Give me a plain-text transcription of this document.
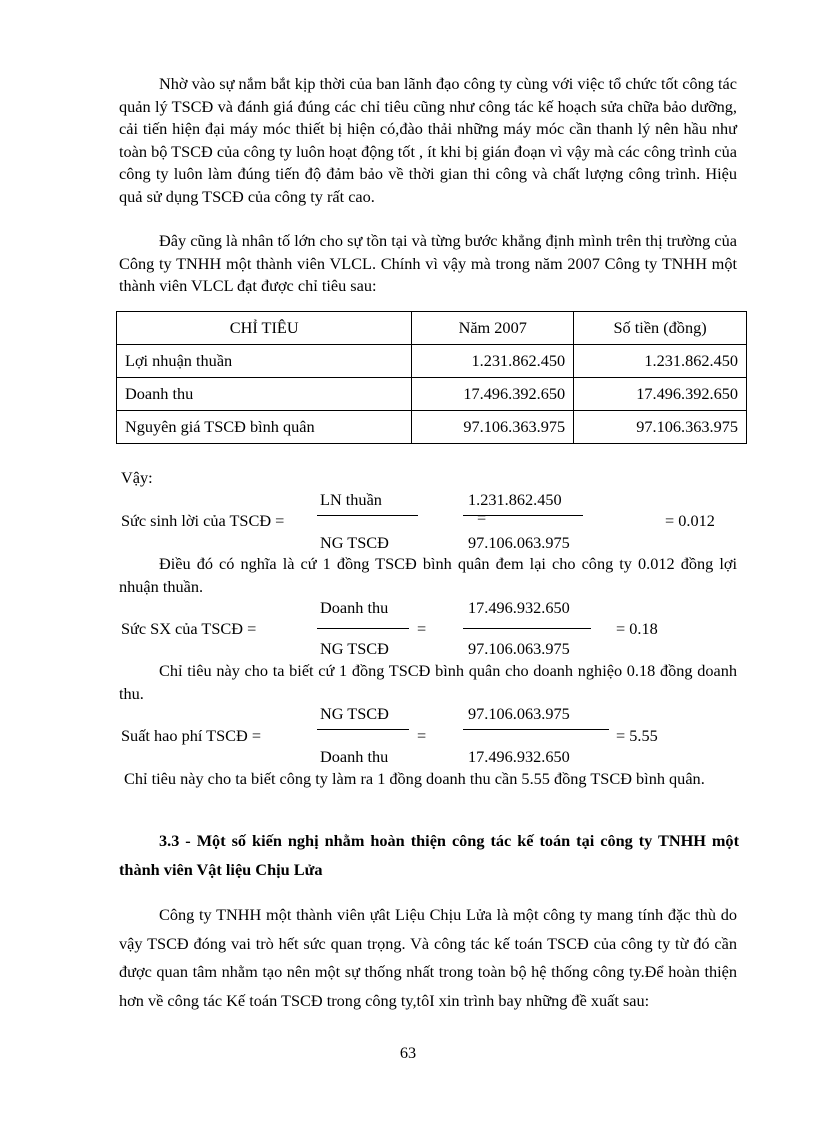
Nhờ vào sự nắm bắt kịp thời của ban lãnh đạo công ty cùng với việc tổ chức tốt công tác quản lý TSCĐ và đánh giá đúng các chỉ tiêu cũng như công tác kế hoạch sửa chữa bảo dưỡng, cải tiến hiện đại máy móc thiết bị hiện có,đào thải những máy móc cần thanh lý nên hầu như toàn bộ TSCĐ của công ty luôn hoạt động tốt , ít khi bị gián đoạn vì vậy mà các công trình của công ty luôn làm đúng tiến độ đảm bảo về thời gian thi công và chất lượng công trình. Hiệu quả sử dụng TSCĐ của công ty rất cao.

Đây cũng là nhân tố lớn cho sự tồn tại và từng bước khẳng định mình trên thị trường của Công ty TNHH một thành viên VLCL. Chính vì vậy mà trong năm 2007 Công ty TNHH một thành viên VLCL đạt được chỉ tiêu sau:

CHỈ TIÊU	Năm 2007	Số tiền (đồng)
Lợi nhuận thuần	1.231.862.450	1.231.862.450
Doanh thu	17.496.392.650	17.496.392.650
Nguyên giá TSCĐ bình quân	97.106.363.975	97.106.363.975
Vậy:
LN thuần	1.231.862.450
Sức sinh lời của TSCĐ =	=	= 0.012
NG TSCĐ	97.106.063.975

Điều đó có nghĩa là cứ 1 đồng TSCĐ bình quân đem lại cho công ty 0.012 đồng lợi nhuận thuần.

Doanh thu	17.496.932.650
Sức SX của TSCĐ =	=	= 0.18
NG TSCĐ	97.106.063.975

Chỉ tiêu này cho ta biết cứ 1 đồng TSCĐ bình quân cho doanh nghiệo 0.18 đồng doanh thu.

NG TSCĐ	97.106.063.975
Suất hao phí TSCĐ =	=	= 5.55
Doanh thu	17.496.932.650

Chỉ tiêu này cho ta biết công ty làm ra 1 đồng doanh thu cần 5.55 đồng TSCĐ bình quân.

3.3 - Một số kiến nghị nhằm hoàn thiện công tác kế toán tại công ty TNHH một thành viên Vật liệu Chịu Lửa

Công ty TNHH một thành viên ựât Liệu Chịu Lửa là một công ty mang tính đặc thù do vậy TSCĐ đóng vai trò hết sức quan trọng. Và công tác kế toán TSCĐ của công ty từ đó cần được quan tâm nhằm tạo nên một sự thống nhất trong toàn bộ hệ thống công ty.Để hoàn thiện hơn về công tác Kế toán TSCĐ trong công ty,tôI xin trình bay những đề xuất sau:

63
